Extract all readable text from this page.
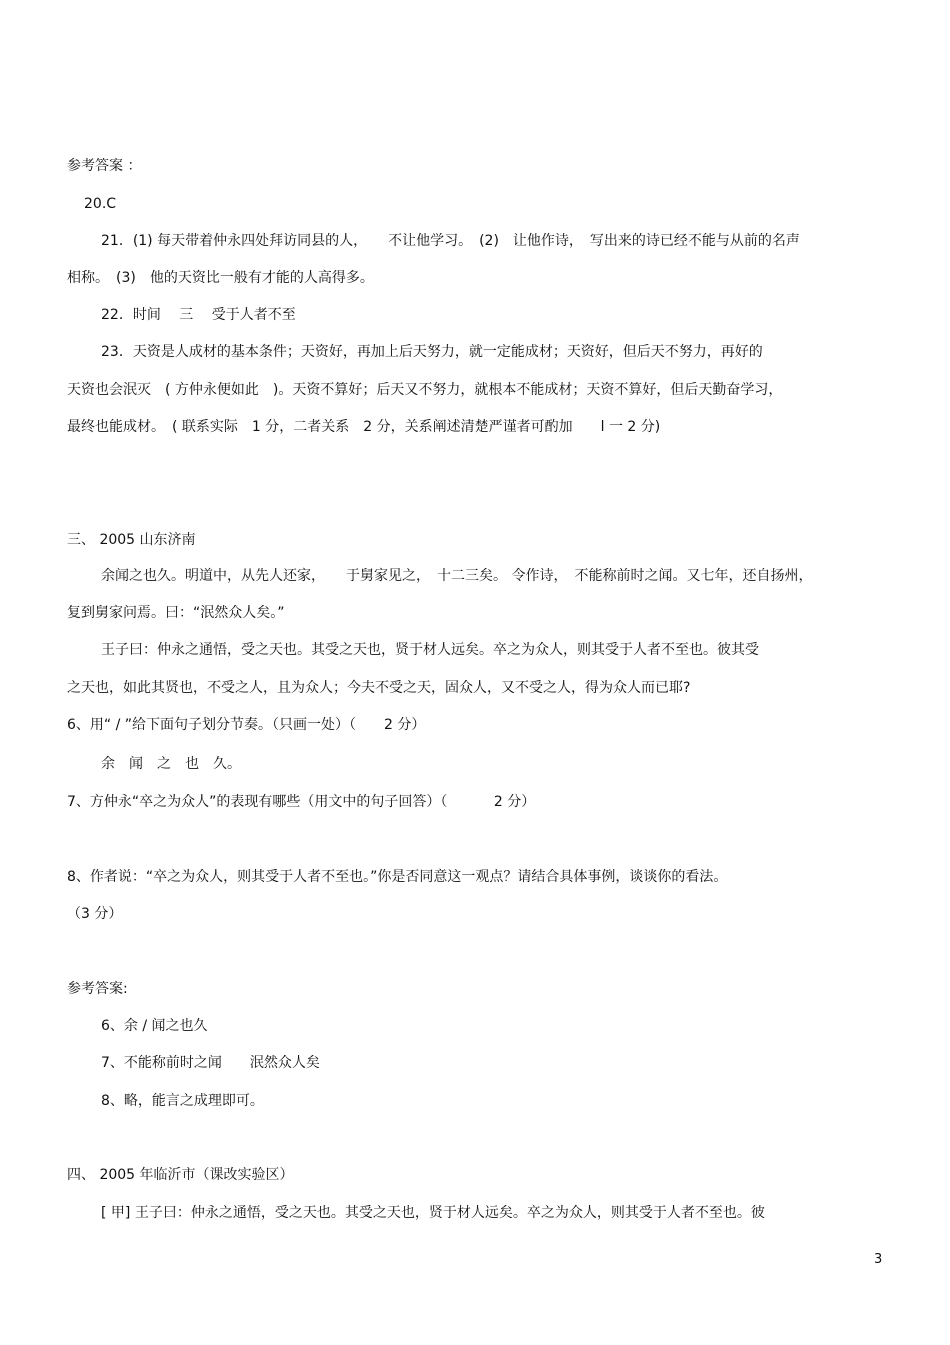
参考答案 ：
20.C
21．(1) 每天带着仲永四处拜访同县的人，　　不让他学习。　(2)　让他作诗，　写出来的诗已经不能与从前的名声
相称。　(3)　他的天资比一般有才能的人高得多。
22．时间　 三　 受于人者不至
23．天资是人成材的基本条件；天资好，再加上后天努力，就一定能成材；天资好，但后天不努力，再好的
天资也会泯灭　( 方仲永便如此　)。天资不算好；后天又不努力，就根本不能成材；天资不算好，但后天勤奋学习，
最终也能成材。　( 联系实际　1 分，二者关系　2 分，关系阐述清楚严谨者可酌加　　l 一 2 分)
三、 2005 山东济南
余闻之也久。明道中，从先人还家，　　于舅家见之，　十二三矣。 令作诗，　不能称前时之闻。又七年，还自扬州，
复到舅家问焉。曰：“泯然众人矣。”
王子曰：仲永之通悟，受之天也。其受之天也，贤于材人远矣。卒之为众人，则其受于人者不至也。彼其受
之天也，如此其贤也，不受之人，且为众人；今夫不受之天，固众人，又不受之人，得为众人而已耶?
6、用“ / ”给下面句子划分节奏。（只画一处）（　　2 分）
余　闻　之　也　久。
7、方仲永“卒之为众人”的表现有哪些（用文中的句子回答）（　　　 2 分）
8、作者说：“卒之为众人，则其受于人者不至也。”你是否同意这一观点？请结合具体事例，谈谈你的看法。
（3 分）
参考答案:
6、余 / 闻之也久
7、不能称前时之闻　　泯然众人矣
8、略，能言之成理即可。
四、 2005 年临沂市（课改实验区）
[ 甲] 王子曰：仲永之通悟，受之天也。其受之天也，贤于材人远矣。卒之为众人，则其受于人者不至也。彼
3
